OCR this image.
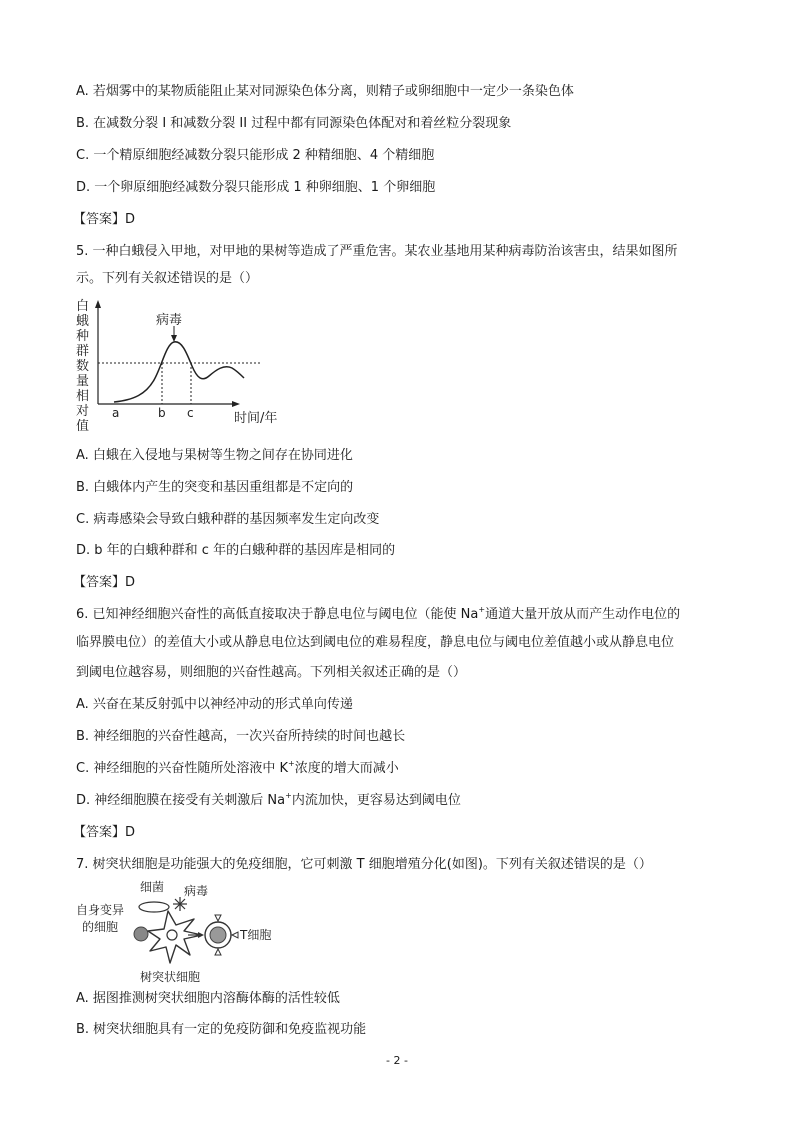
A. 若烟雾中的某物质能阻止某对同源染色体分离，则精子或卵细胞中一定少一条染色体
B. 在减数分裂 I 和减数分裂 II 过程中都有同源染色体配对和着丝粒分裂现象
C. 一个精原细胞经减数分裂只能形成 2 种精细胞、4 个精细胞
D. 一个卵原细胞经减数分裂只能形成 1 种卵细胞、1 个卵细胞
【答案】D
5. 一种白蛾侵入甲地，对甲地的果树等造成了严重危害。某农业基地用某种病毒防治该害虫，结果如图所
示。下列有关叙述错误的是（）
白
蛾
种
群
数
量
相
对
值
病毒
a	b c	时间/年
A. 白蛾在入侵地与果树等生物之间存在协同进化
B. 白蛾体内产生的突变和基因重组都是不定向的
C. 病毒感染会导致白蛾种群的基因频率发生定向改变
D. b 年的白蛾种群和 c 年的白蛾种群的基因库是相同的
【答案】D
6. 已知神经细胞兴奋性的高低直接取决于静息电位与阈电位（能使 Na+通道大量开放从而产生动作电位的
临界膜电位）的差值大小或从静息电位达到阈电位的难易程度，静息电位与阈电位差值越小或从静息电位
到阈电位越容易，则细胞的兴奋性越高。下列相关叙述正确的是（）
A. 兴奋在某反射弧中以神经冲动的形式单向传递
B. 神经细胞的兴奋性越高，一次兴奋所持续的时间也越长
C. 神经细胞的兴奋性随所处溶液中 K+浓度的增大而减小
D. 神经细胞膜在接受有关刺激后 Na+内流加快，更容易达到阈电位
【答案】D
7. 树突状细胞是功能强大的免疫细胞，它可刺激 T 细胞增殖分化(如图)。下列有关叙述错误的是（）
细菌 病毒
自身变异
的细胞
T细胞
树突状细胞
A. 据图推测树突状细胞内溶酶体酶的活性较低
B. 树突状细胞具有一定的免疫防御和免疫监视功能
- 2 -
